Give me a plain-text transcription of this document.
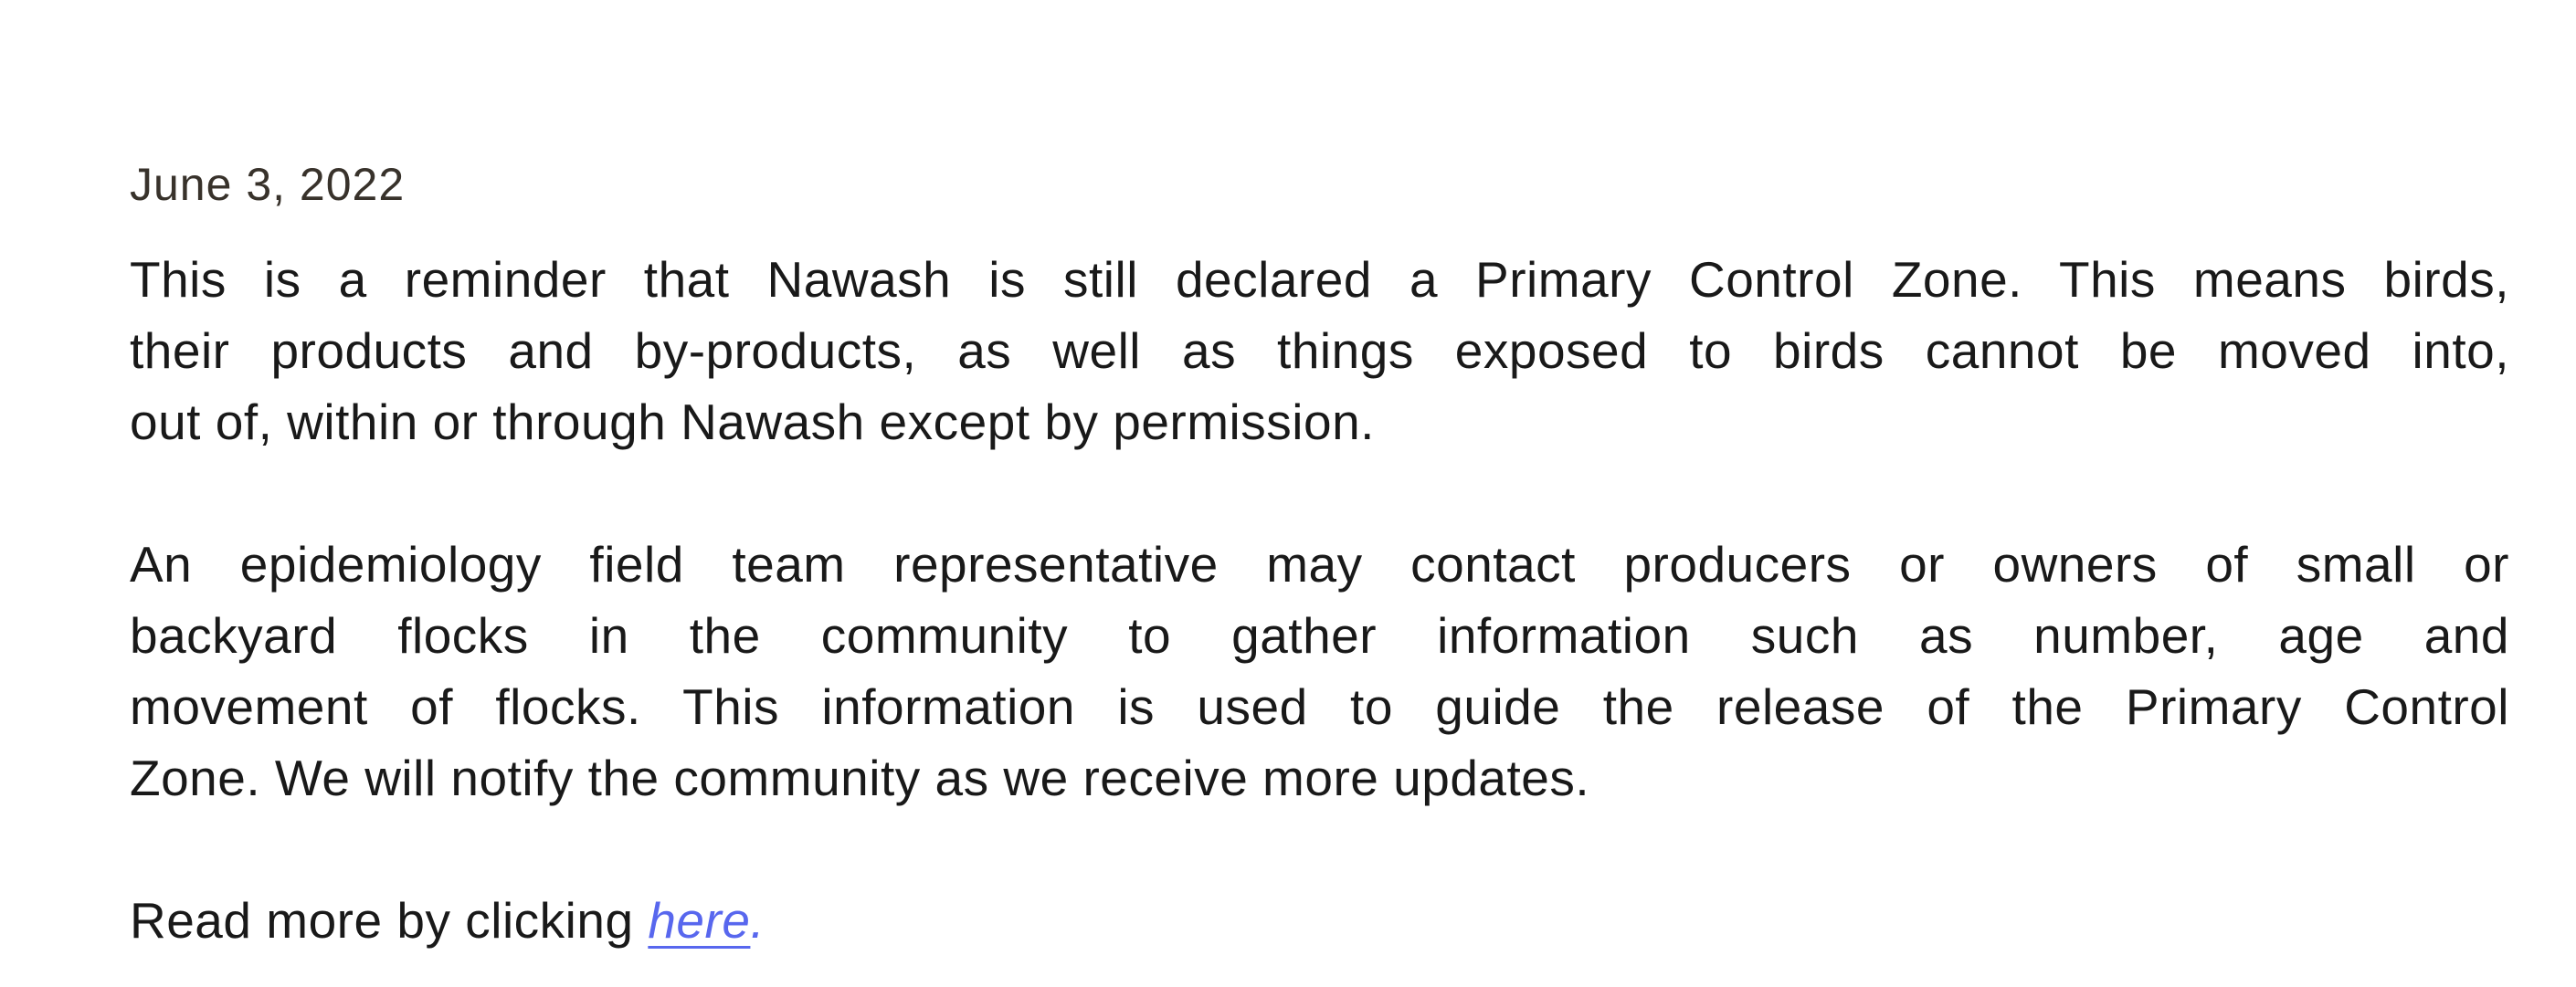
June 3, 2022
This is a reminder that Nawash is still declared a Primary Control Zone. This means birds,
their products and by-products, as well as things exposed to birds cannot be moved into,
out of, within or through Nawash except by permission.
An epidemiology field team representative may contact producers or owners of small or
backyard flocks in the community to gather information such as number, age and
movement of flocks. This information is used to guide the release of the Primary Control
Zone. We will notify the community as we receive more updates.

Read more by clicking here.
